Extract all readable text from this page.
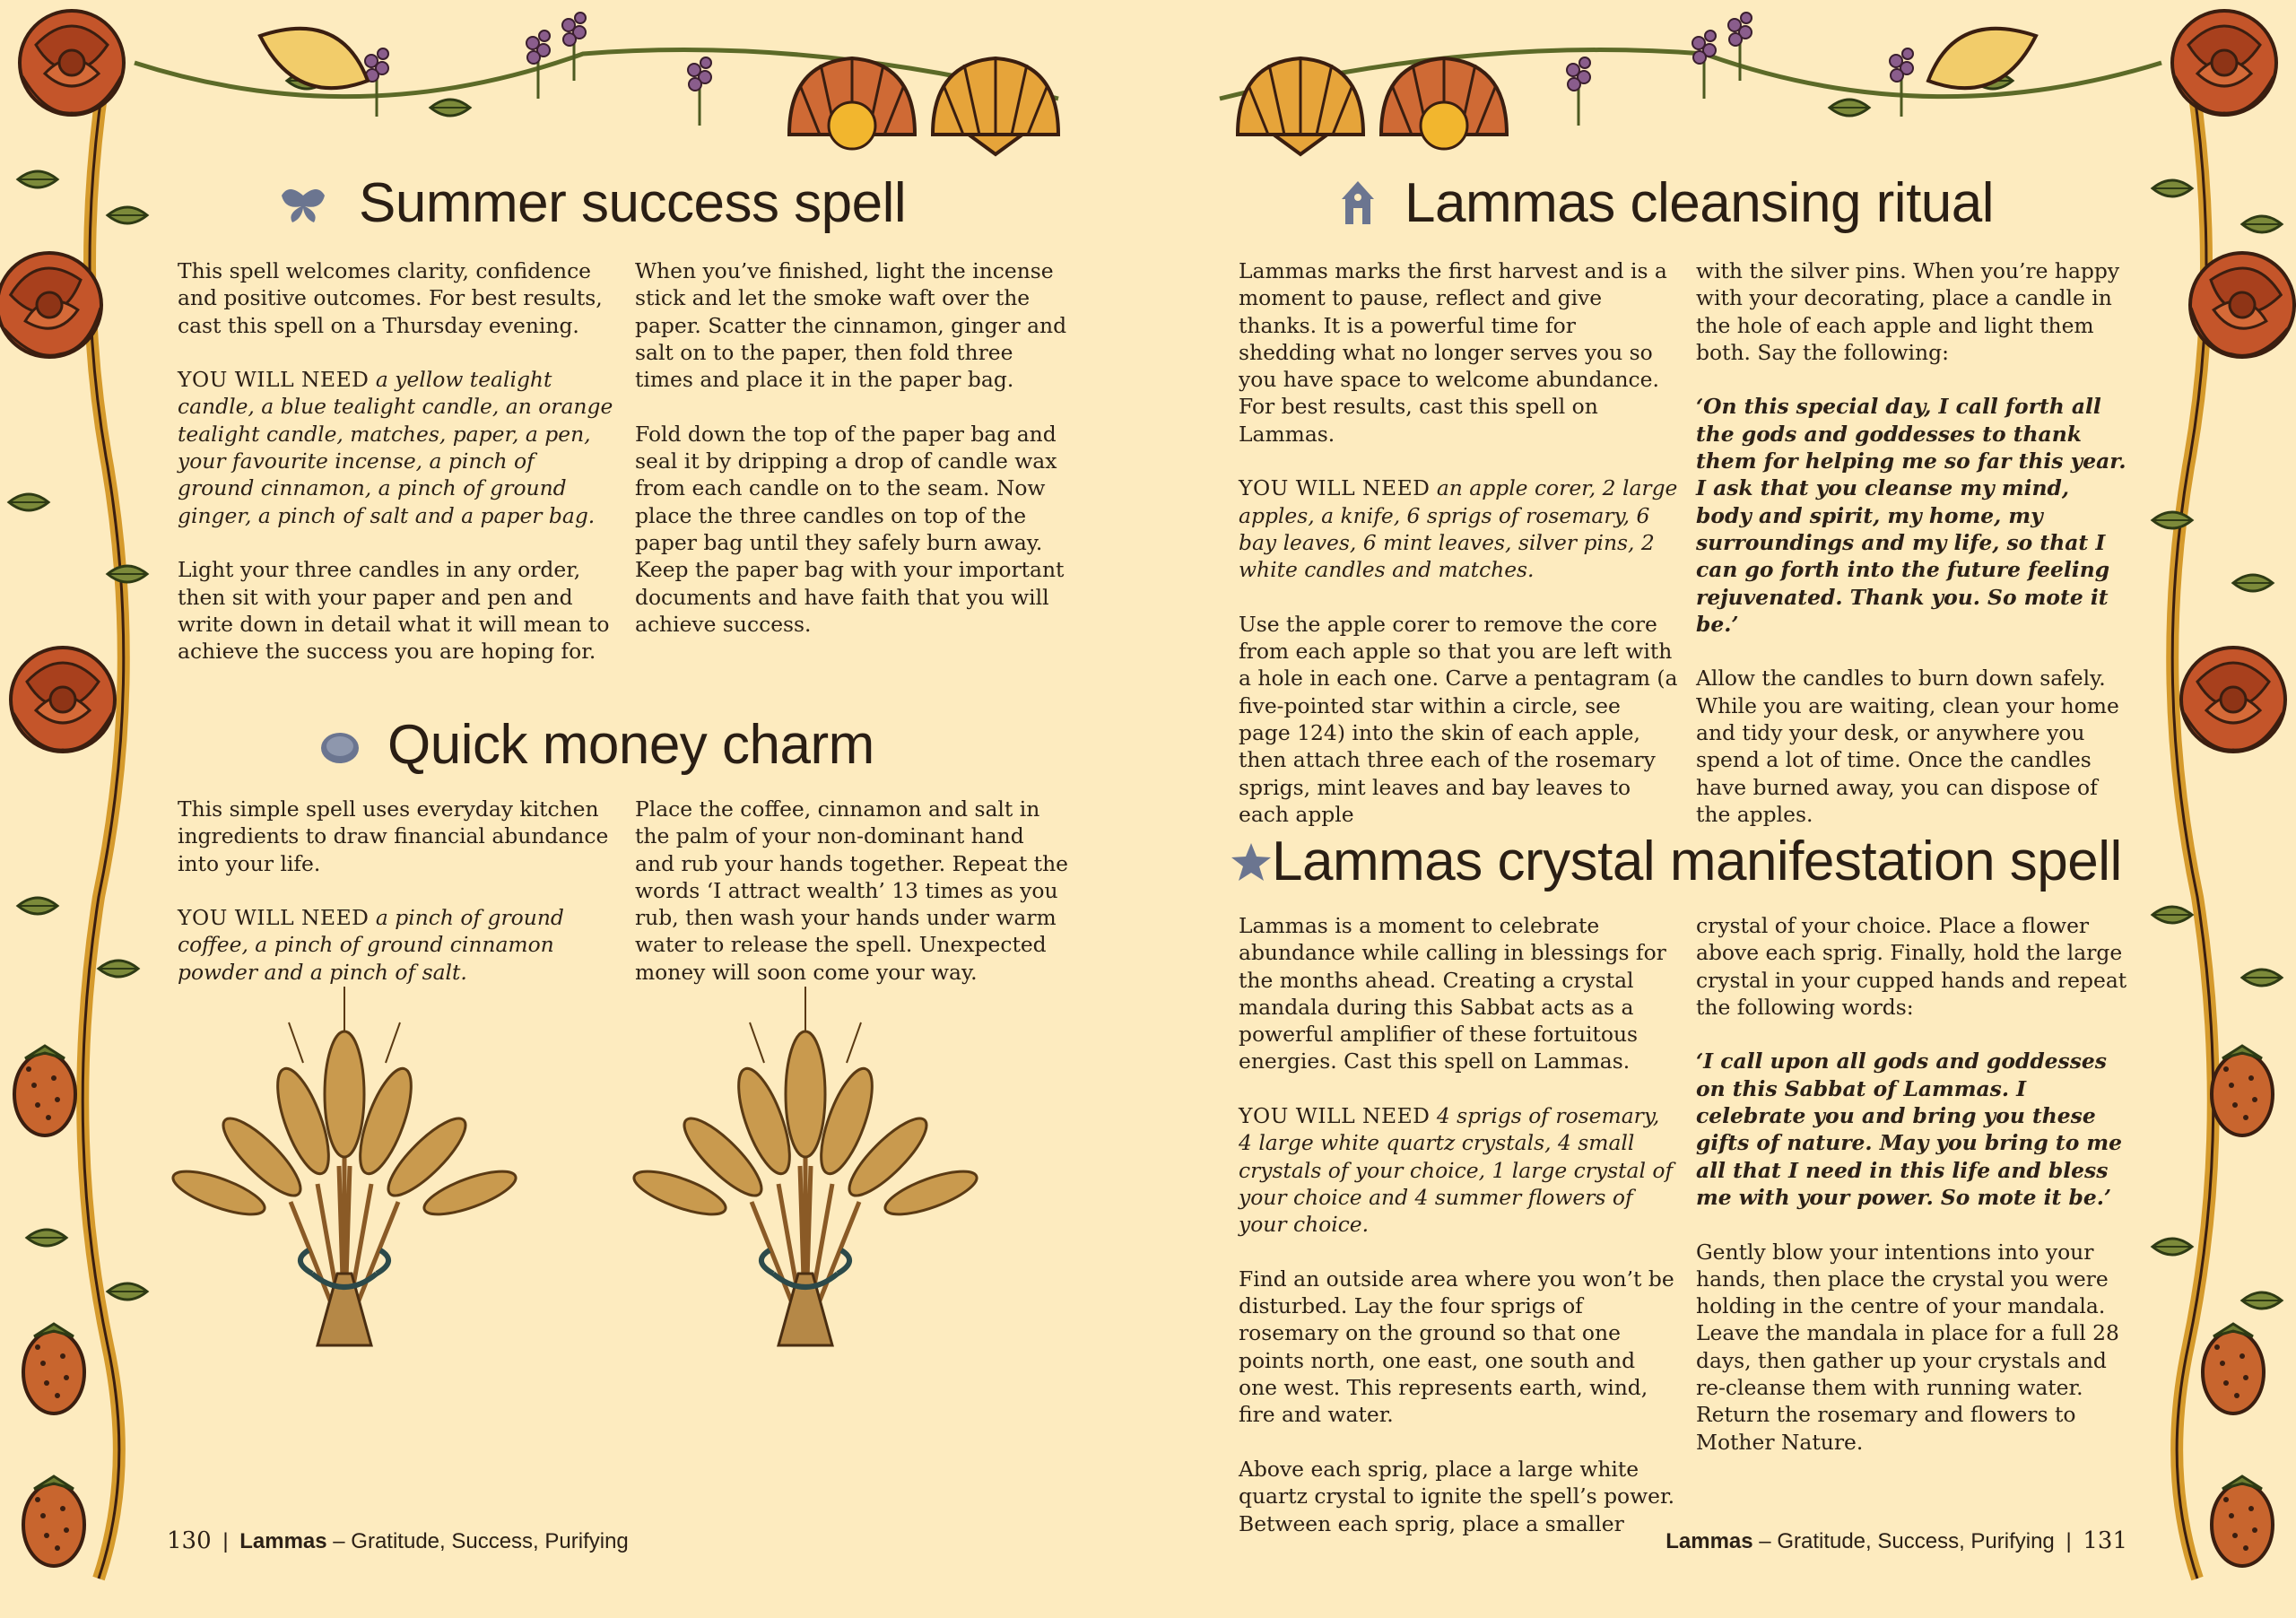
Summer success spell

This spell welcomes clarity, confidence and positive outcomes. For best results, cast this spell on a Thursday evening.

YOU WILL NEED a yellow tealight candle, a blue tealight candle, an orange tealight candle, matches, paper, a pen, your favourite incense, a pinch of ground cinnamon, a pinch of ground ginger, a pinch of salt and a paper bag.

Light your three candles in any order, then sit with your paper and pen and write down in detail what it will mean to achieve the success you are hoping for.

When you’ve finished, light the incense stick and let the smoke waft over the paper. Scatter the cinnamon, ginger and salt on to the paper, then fold three times and place it in the paper bag.

Fold down the top of the paper bag and seal it by dripping a drop of candle wax from each candle on to the seam. Now place the three candles on top of the paper bag until they safely burn away. Keep the paper bag with your important documents and have faith that you will achieve success.

Quick money charm

This simple spell uses everyday kitchen ingredients to draw financial abundance into your life.

YOU WILL NEED a pinch of ground coffee, a pinch of ground cinnamon powder and a pinch of salt.

Place the coffee, cinnamon and salt in the palm of your non-dominant hand and rub your hands together. Repeat the words ‘I attract wealth’ 13 times as you rub, then wash your hands under warm water to release the spell. Unexpected money will soon come your way.

130 | Lammas – Gratitude, Success, Purifying
Lammas cleansing ritual

Lammas marks the first harvest and is a moment to pause, reflect and give thanks. It is a powerful time for shedding what no longer serves you so you have space to welcome abundance. For best results, cast this spell on Lammas.

YOU WILL NEED an apple corer, 2 large apples, a knife, 6 sprigs of rosemary, 6 bay leaves, 6 mint leaves, silver pins, 2 white candles and matches.

Use the apple corer to remove the core from each apple so that you are left with a hole in each one. Carve a pentagram (a five-pointed star within a circle, see page 124) into the skin of each apple, then attach three each of the rosemary sprigs, mint leaves and bay leaves to each apple

with the silver pins. When you’re happy with your decorating, place a candle in the hole of each apple and light them both. Say the following:

‘On this special day, I call forth all the gods and goddesses to thank them for helping me so far this year. I ask that you cleanse my mind, body and spirit, my home, my surroundings and my life, so that I can go forth into the future feeling rejuvenated. Thank you. So mote it be.’

Allow the candles to burn down safely. While you are waiting, clean your home and tidy your desk, or anywhere you spend a lot of time. Once the candles have burned away, you can dispose of the apples.

Lammas crystal manifestation spell

Lammas is a moment to celebrate abundance while calling in blessings for the months ahead. Creating a crystal mandala during this Sabbat acts as a powerful amplifier of these fortuitous energies. Cast this spell on Lammas.

YOU WILL NEED 4 sprigs of rosemary, 4 large white quartz crystals, 4 small crystals of your choice, 1 large crystal of your choice and 4 summer flowers of your choice.

Find an outside area where you won’t be disturbed. Lay the four sprigs of rosemary on the ground so that one points north, one east, one south and one west. This represents earth, wind, fire and water.

Above each sprig, place a large white quartz crystal to ignite the spell’s power. Between each sprig, place a smaller

crystal of your choice. Place a flower above each sprig. Finally, hold the large crystal in your cupped hands and repeat the following words:

‘I call upon all gods and goddesses on this Sabbat of Lammas. I celebrate you and bring you these gifts of nature. May you bring to me all that I need in this life and bless me with your power. So mote it be.’

Gently blow your intentions into your hands, then place the crystal you were holding in the centre of your mandala. Leave the mandala in place for a full 28 days, then gather up your crystals and re-cleanse them with running water. Return the rosemary and flowers to Mother Nature.

Lammas – Gratitude, Success, Purifying | 131
